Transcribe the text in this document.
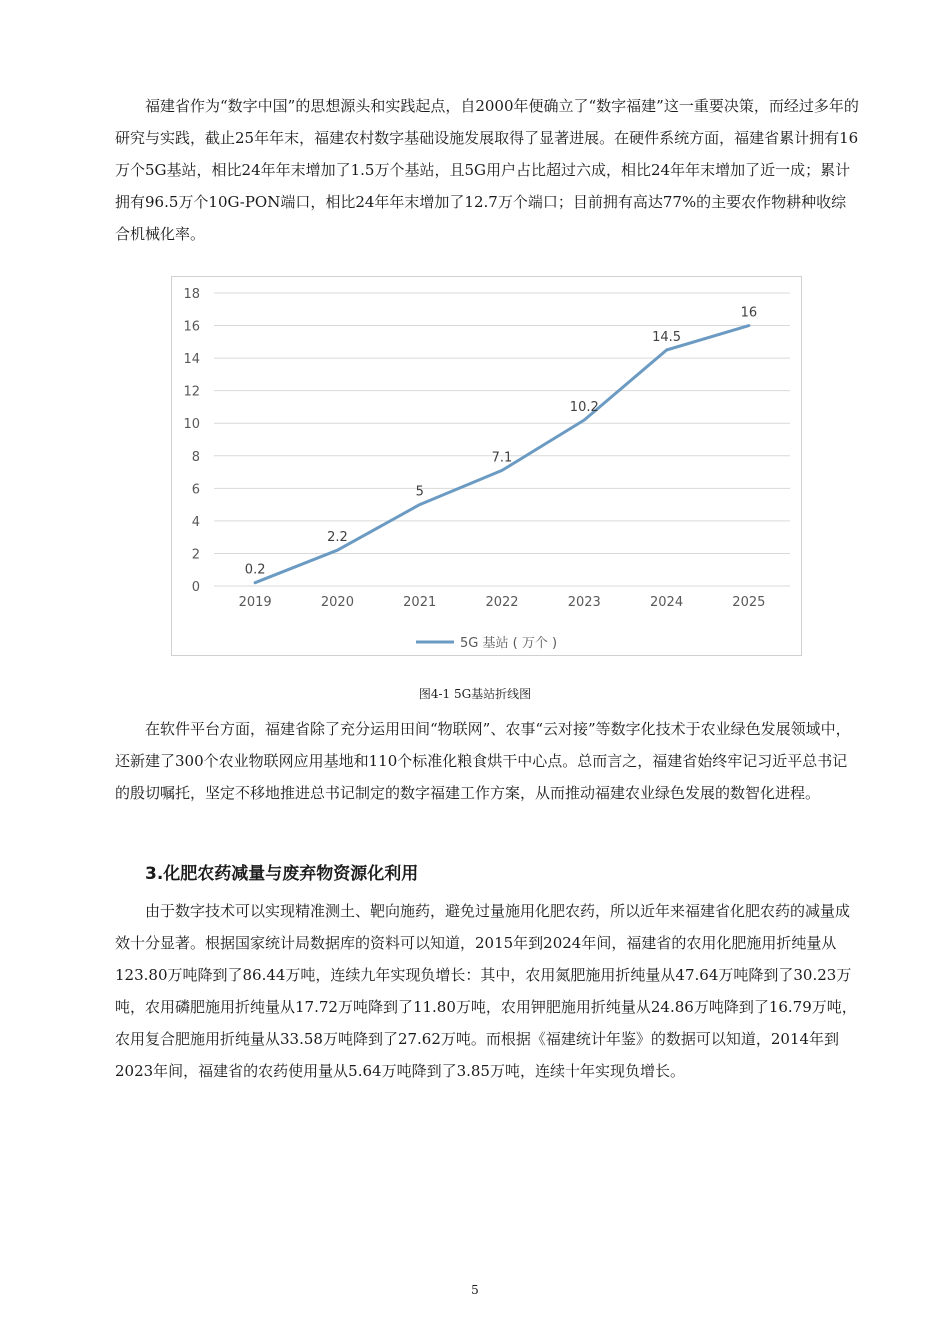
福建省作为“数字中国”的思想源头和实践起点，自2000年便确立了“数字福建”这一重要决策，而经过多年的研究与实践，截止25年年末，福建农村数字基础设施发展取得了显著进展。在硬件系统方面，福建省累计拥有16万个5G基站，相比24年年末增加了1.5万个基站，且5G用户占比超过六成，相比24年年末增加了近一成；累计拥有96.5万个10G-PON端口，相比24年年末增加了12.7万个端口；目前拥有高达77%的主要农作物耕种收综合机械化率。

0
2
4
6
8
10
12
14
16
18
2019	2020	2021	2022	2023	2024	2025
0.2
2.2
5
7.1
10.2
14.5
16
5G 基站 ( 万个 )
图4-1 5G基站折线图

在软件平台方面，福建省除了充分运用田间“物联网”、农事“云对接”等数字化技术于农业绿色发展领域中，还新建了300个农业物联网应用基地和110个标准化粮食烘干中心点。总而言之，福建省始终牢记习近平总书记的殷切嘱托，坚定不移地推进总书记制定的数字福建工作方案，从而推动福建农业绿色发展的数智化进程。

3.化肥农药减量与废弃物资源化利用

由于数字技术可以实现精准测土、靶向施药，避免过量施用化肥农药，所以近年来福建省化肥农药的减量成效十分显著。根据国家统计局数据库的资料可以知道，2015年到2024年间，福建省的农用化肥施用折纯量从123.80万吨降到了86.44万吨，连续九年实现负增长：其中，农用氮肥施用折纯量从47.64万吨降到了30.23万吨，农用磷肥施用折纯量从17.72万吨降到了11.80万吨，农用钾肥施用折纯量从24.86万吨降到了16.79万吨，农用复合肥施用折纯量从33.58万吨降到了27.62万吨。而根据《福建统计年鉴》的数据可以知道，2014年到2023年间，福建省的农药使用量从5.64万吨降到了3.85万吨，连续十年实现负增长。

5
